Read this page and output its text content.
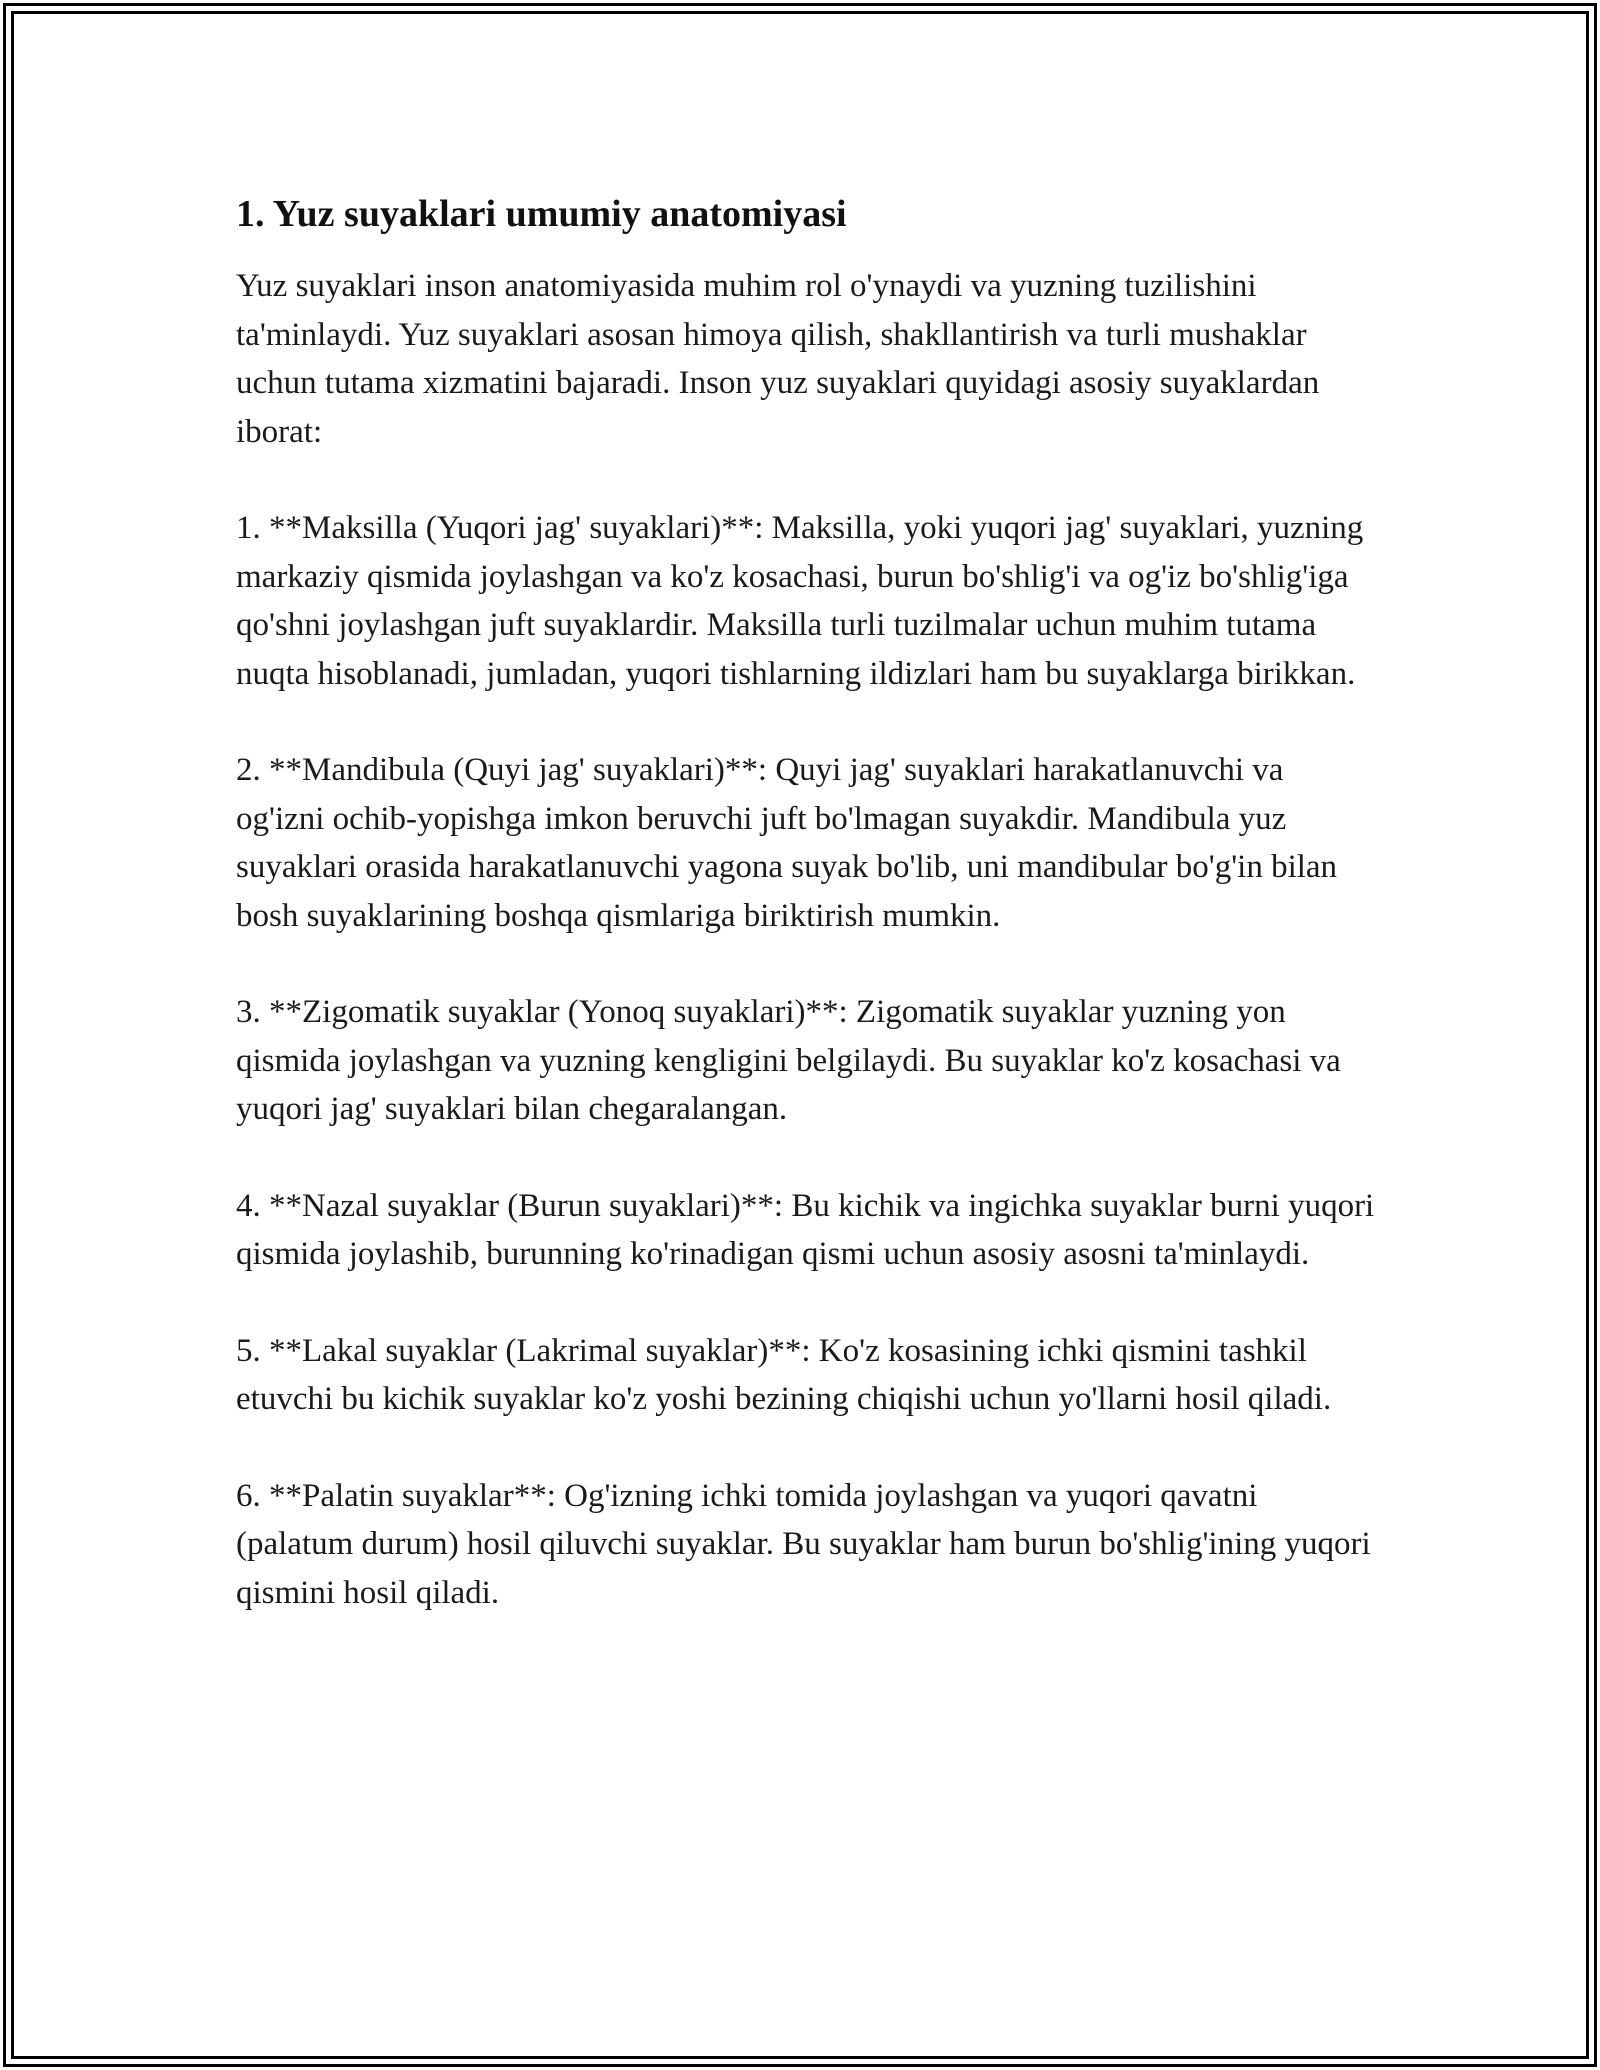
1. Yuz suyaklari umumiy anatomiyasi

Yuz suyaklari inson anatomiyasida muhim rol o'ynaydi va yuzning tuzilishini ta'minlaydi. Yuz suyaklari asosan himoya qilish, shakllantirish va turli mushaklar uchun tutama xizmatini bajaradi. Inson yuz suyaklari quyidagi asosiy suyaklardan iborat:

1. **Maksilla (Yuqori jag' suyaklari)**: Maksilla, yoki yuqori jag' suyaklari, yuzning markaziy qismida joylashgan va ko'z kosachasi, burun bo'shlig'i va og'iz bo'shlig'iga qo'shni joylashgan juft suyaklardir. Maksilla turli tuzilmalar uchun muhim tutama nuqta hisoblanadi, jumladan, yuqori tishlarning ildizlari ham bu suyaklarga birikkan.

2. **Mandibula (Quyi jag' suyaklari)**: Quyi jag' suyaklari harakatlanuvchi va og'izni ochib-yopishga imkon beruvchi juft bo'lmagan suyakdir. Mandibula yuz suyaklari orasida harakatlanuvchi yagona suyak bo'lib, uni mandibular bo'g'in bilan bosh suyaklarining boshqa qismlariga biriktirish mumkin.

3. **Zigomatik suyaklar (Yonoq suyaklari)**: Zigomatik suyaklar yuzning yon qismida joylashgan va yuzning kengligini belgilaydi. Bu suyaklar ko'z kosachasi va yuqori jag' suyaklari bilan chegaralangan.

4. **Nazal suyaklar (Burun suyaklari)**: Bu kichik va ingichka suyaklar burni yuqori qismida joylashib, burunning ko'rinadigan qismi uchun asosiy asosni ta'minlaydi.

5. **Lakal suyaklar (Lakrimal suyaklar)**: Ko'z kosasining ichki qismini tashkil etuvchi bu kichik suyaklar ko'z yoshi bezining chiqishi uchun yo'llarni hosil qiladi.

6. **Palatin suyaklar**: Og'izning ichki tomida joylashgan va yuqori qavatni (palatum durum) hosil qiluvchi suyaklar. Bu suyaklar ham burun bo'shlig'ining yuqori qismini hosil qiladi.
